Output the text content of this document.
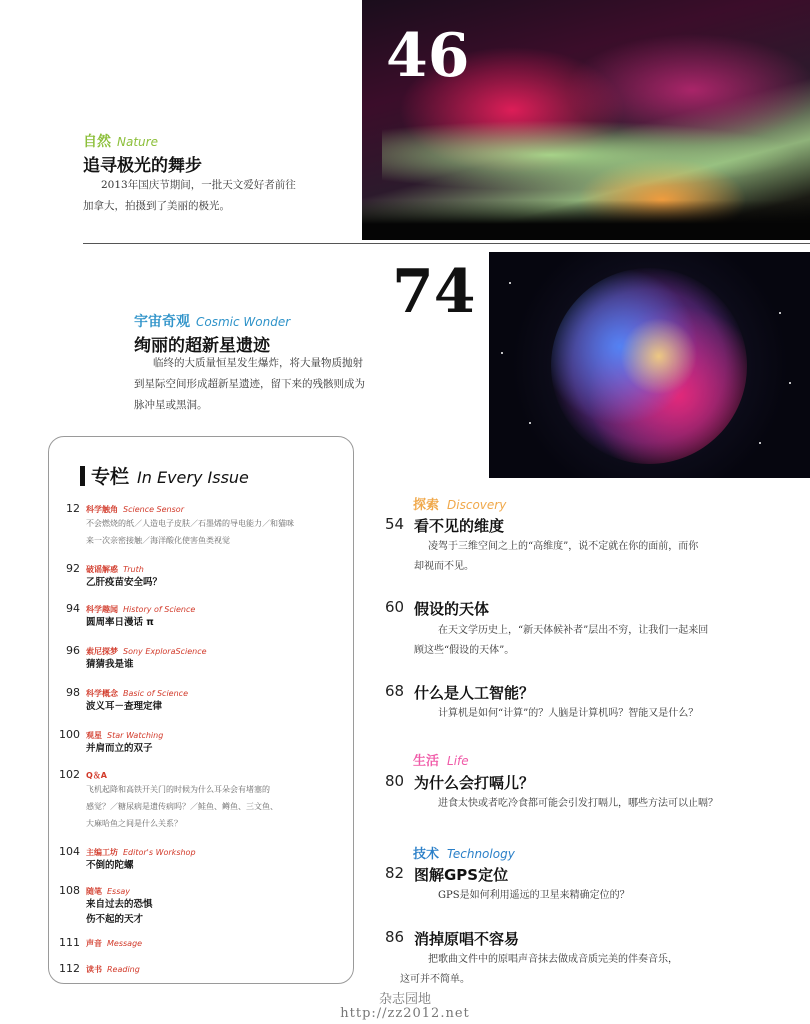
46
自然 Nature
追寻极光的舞步
2013年国庆节期间，一批天文爱好者前往
加拿大，拍摄到了美丽的极光。
74
宇宙奇观 Cosmic Wonder
绚丽的超新星遗迹
临终的大质量恒星发生爆炸，将大量物质抛射
到星际空间形成超新星遗迹，留下来的残骸则成为
脉冲星或黑洞。
专栏 In Every Issue
12 科学触角 Science Sensor
不会燃烧的纸／人造电子皮肤／石墨烯的导电能力／和猫咪
来一次亲密接触／海洋酸化使害鱼类视觉
92 破谣解惑 Truth
乙肝疫苗安全吗？
94 科学趣闻 History of Science
圆周率日漫话 π
96 索尼探梦 Sony ExploraScience
猜猜我是谁
98 科学概念 Basic of Science
波义耳－查理定律
100 观星 Star Watching
并肩而立的双子
102 Q＆A
飞机起降和高铁开关门的时候为什么耳朵会有堵塞的
感觉？／糖尿病是遗传病吗？／鲑鱼、鳟鱼、三文鱼、
大麻哈鱼之间是什么关系？
104 主编工坊 Editor's Workshop
不倒的陀螺
108 随笔 Essay
来自过去的恐惧
伤不起的天才
111 声音 Message
112 读书 Reading
探索 Discovery
54 看不见的维度
凌驾于三维空间之上的“高维度”，说不定就在你的面前，而你
却视而不见。
60 假设的天体
在天文学历史上，“新天体候补者”层出不穷，让我们一起来回
顾这些“假设的天体”。
68 什么是人工智能？
计算机是如何“计算”的？人脑是计算机吗？智能又是什么？
生活 Life
80 为什么会打嗝儿？
进食太快或者吃冷食都可能会引发打嗝儿，哪些方法可以止嗝？
技术 Technology
82 图解GPS定位
GPS是如何利用遥远的卫星来精确定位的？
86 消掉原唱不容易
把歌曲文件中的原唱声音抹去做成音质完美的伴奏音乐，
这可并不简单。
杂志园地
http://zz2012.net
